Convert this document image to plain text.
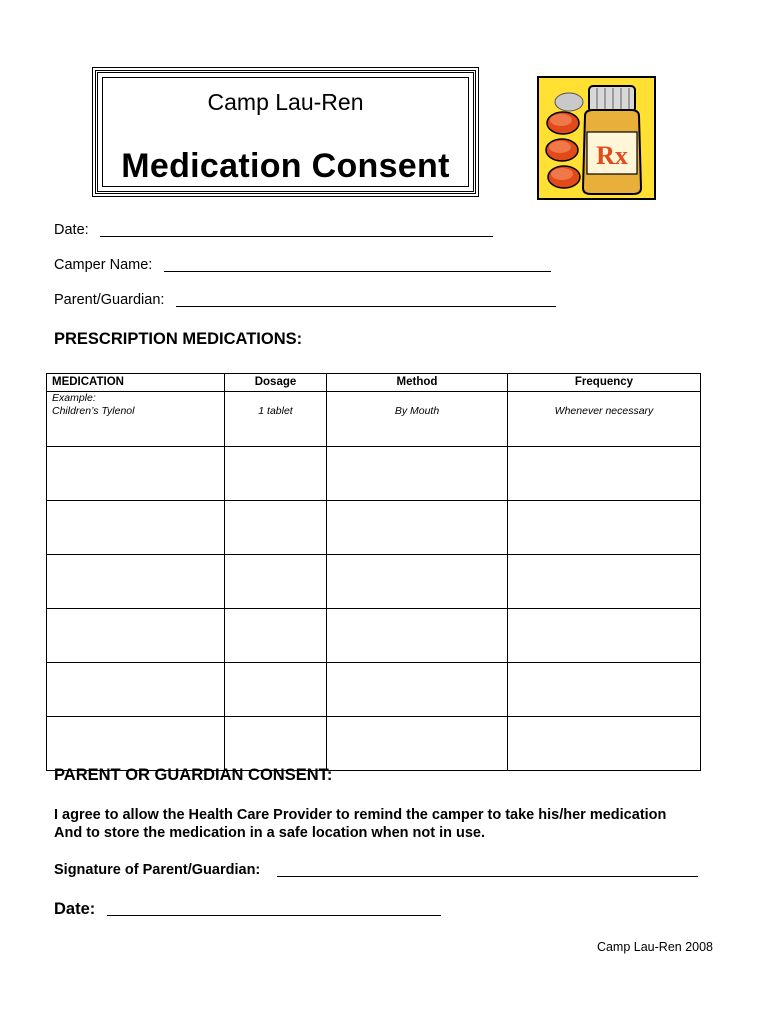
Camp Lau-Ren
Medication Consent	Rx
Date:
Camper Name:
Parent/Guardian:
PRESCRIPTION MEDICATIONS:
MEDICATION	Dosage	Method	Frequency

Example:
Children’s Tylenol	1 tablet	By Mouth	Whenever necessary

PARENT OR GUARDIAN CONSENT:
I agree to allow the Health Care Provider to remind the camper to take his/her medication
And to store the medication in a safe location when not in use.
Signature of Parent/Guardian:
Date:
Camp Lau-Ren 2008
